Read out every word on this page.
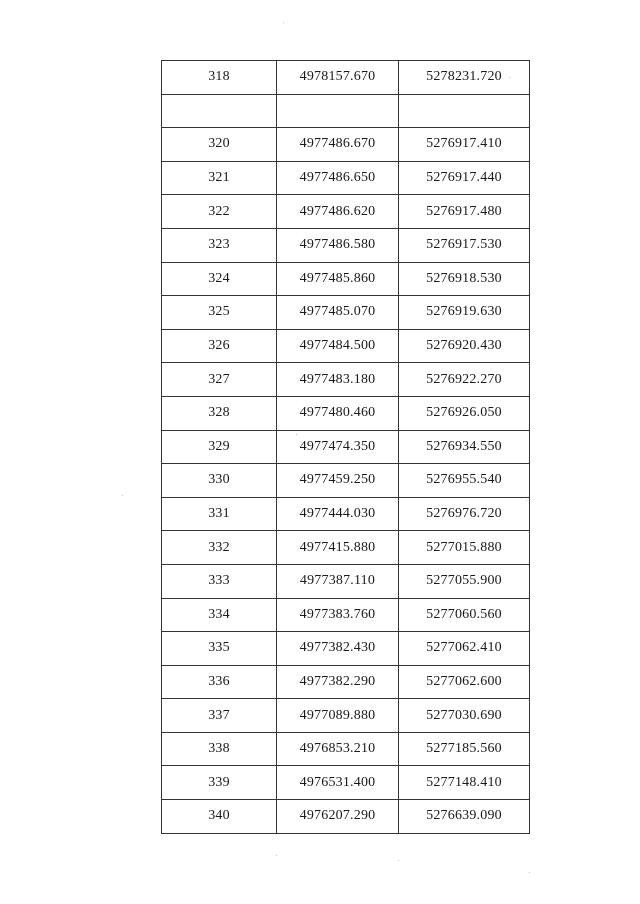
318	4978157.670	5278231.720

320	4977486.670	5276917.410
321	4977486.650	5276917.440
322	4977486.620	5276917.480
323	4977486.580	5276917.530
324	4977485.860	5276918.530
325	4977485.070	5276919.630
326	4977484.500	5276920.430
327	4977483.180	5276922.270
328	4977480.460	5276926.050
329	4977474.350	5276934.550
330	4977459.250	5276955.540
331	4977444.030	5276976.720
332	4977415.880	5277015.880
333	4977387.110	5277055.900
334	4977383.760	5277060.560
335	4977382.430	5277062.410
336	4977382.290	5277062.600
337	4977089.880	5277030.690
338	4976853.210	5277185.560
339	4976531.400	5277148.410
340	4976207.290	5276639.090
